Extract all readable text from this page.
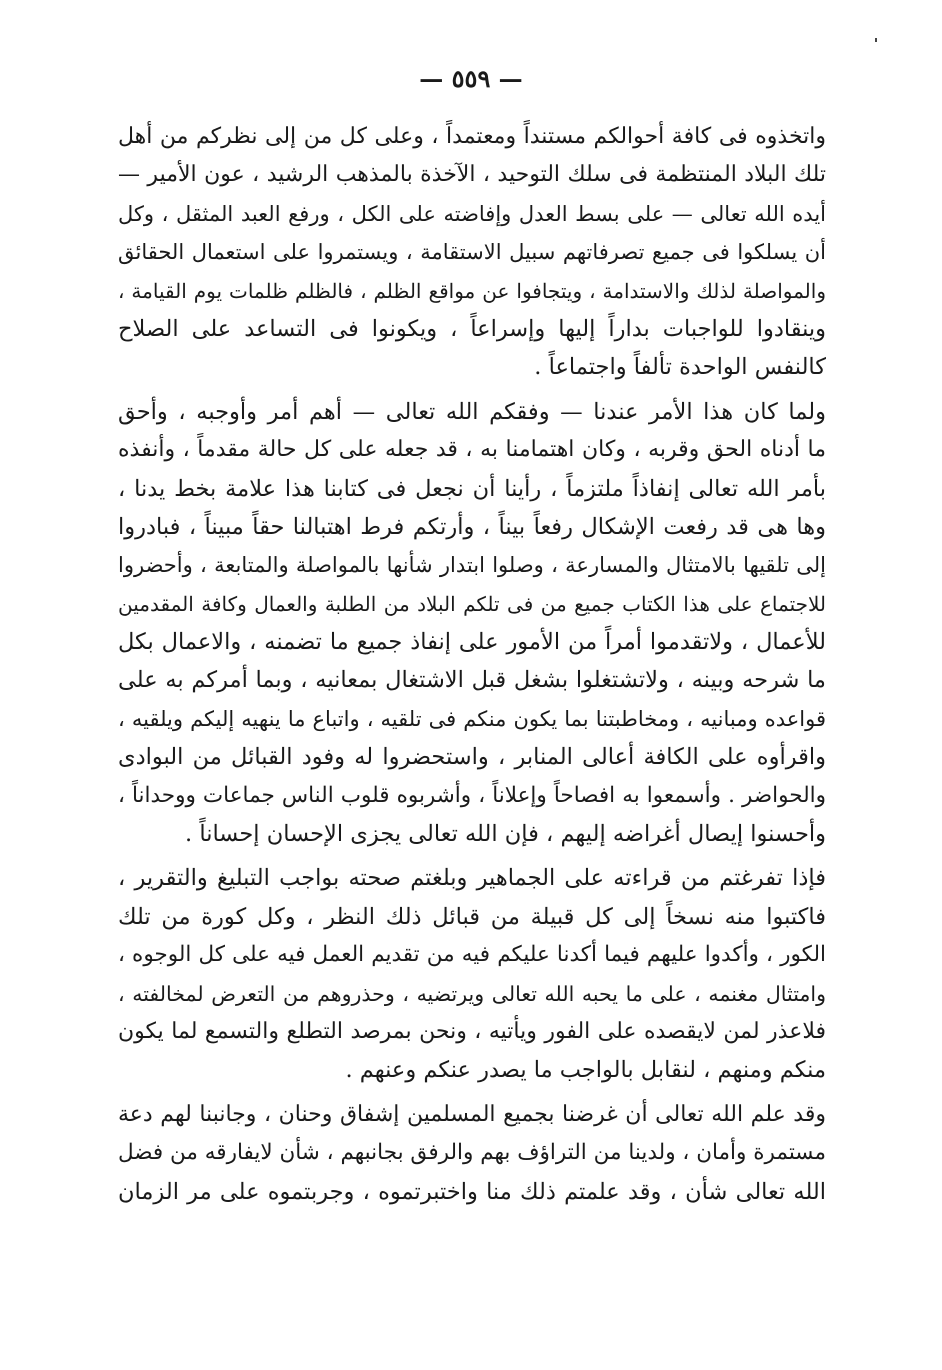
— ٥٥٩ —
واتخذوه فى كافة أحوالكم مستنداً ومعتمداً ، وعلى كل من إلى نظركم من أهل
تلك البلاد المنتظمة فى سلك التوحيد ، الآخذة بالمذهب الرشيد ، عون الأمير —
أيده الله تعالى — على بسط العدل وإفاضته على الكل ، ورفع العبد المثقل ، وكل
أن يسلكوا فى جميع تصرفاتهم سبيل الاستقامة ، ويستمروا على استعمال الحقائق
والمواصلة لذلك والاستدامة ، ويتجافوا عن مواقع الظلم ، فالظلم ظلمات يوم القيامة ،
وينقادوا للواجبات بداراً إليها وإسراعاً ، ويكونوا فى التساعد على الصلاح
كالنفس الواحدة تألفاً واجتماعاً .
ولما كان هذا الأمر عندنا — وفقكم الله تعالى — أهم أمر وأوجبه ، وأحق
ما أدناه الحق وقربه ، وكان اهتمامنا به ، قد جعله على كل حالة مقدماً ، وأنفذه
بأمر الله تعالى إنفاذاً ملتزماً ، رأينا أن نجعل فى كتابنا هذا علامة بخط يدنا ،
وها هى قد رفعت الإشكال رفعاً بيناً ، وأرتكم فرط اهتبالنا حقاً مبيناً ، فبادروا
إلى تلقيها بالامتثال والمسارعة ، وصلوا ابتدار شأنها بالمواصلة والمتابعة ، وأحضروا
للاجتماع على هذا الكتاب جميع من فى تلكم البلاد من الطلبة والعمال وكافة المقدمين
للأعمال ، ولاتقدموا أمراً من الأمور على إنفاذ جميع ما تضمنه ، والاعمال بكل
ما شرحه وبينه ، ولاتشتغلوا بشغل قبل الاشتغال بمعانيه ، وبما أمركم به على
قواعده ومبانيه ، ومخاطبتنا بما يكون منكم فى تلقيه ، واتباع ما ينهيه إليكم ويلقيه ،
واقرأوه على الكافة أعالى المنابر ، واستحضروا له وفود القبائل من البوادى
والحواضر . وأسمعوا به افصاحاً وإعلاناً ، وأشربوه قلوب الناس جماعات ووحداناً ،
وأحسنوا إيصال أغراضه إليهم ، فإن الله تعالى يجزى الإحسان إحساناً .
فإذا تفرغتم من قراءته على الجماهير وبلغتم صحته بواجب التبليغ والتقرير ،
فاكتبوا منه نسخاً إلى كل قبيلة من قبائل ذلك النظر ، وكل كورة من تلك
الكور ، وأكدوا عليهم فيما أكدنا عليكم فيه من تقديم العمل فيه على كل الوجوه ،
وامتثال مغنمه ، على ما يحبه الله تعالى ويرتضيه ، وحذروهم من التعرض لمخالفته ،
فلاعذر لمن لايقصده على الفور ويأتيه ، ونحن بمرصد التطلع والتسمع لما يكون
منكم ومنهم ، لنقابل بالواجب ما يصدر عنكم وعنهم .
وقد علم الله تعالى أن غرضنا بجميع المسلمين إشفاق وحنان ، وجانبنا لهم دعة
مستمرة وأمان ، ولدينا من التراؤف بهم والرفق بجانبهم ، شأن لايفارقه من فضل
الله تعالى شأن ، وقد علمتم ذلك منا واختبرتموه ، وجربتموه على مر الزمان
